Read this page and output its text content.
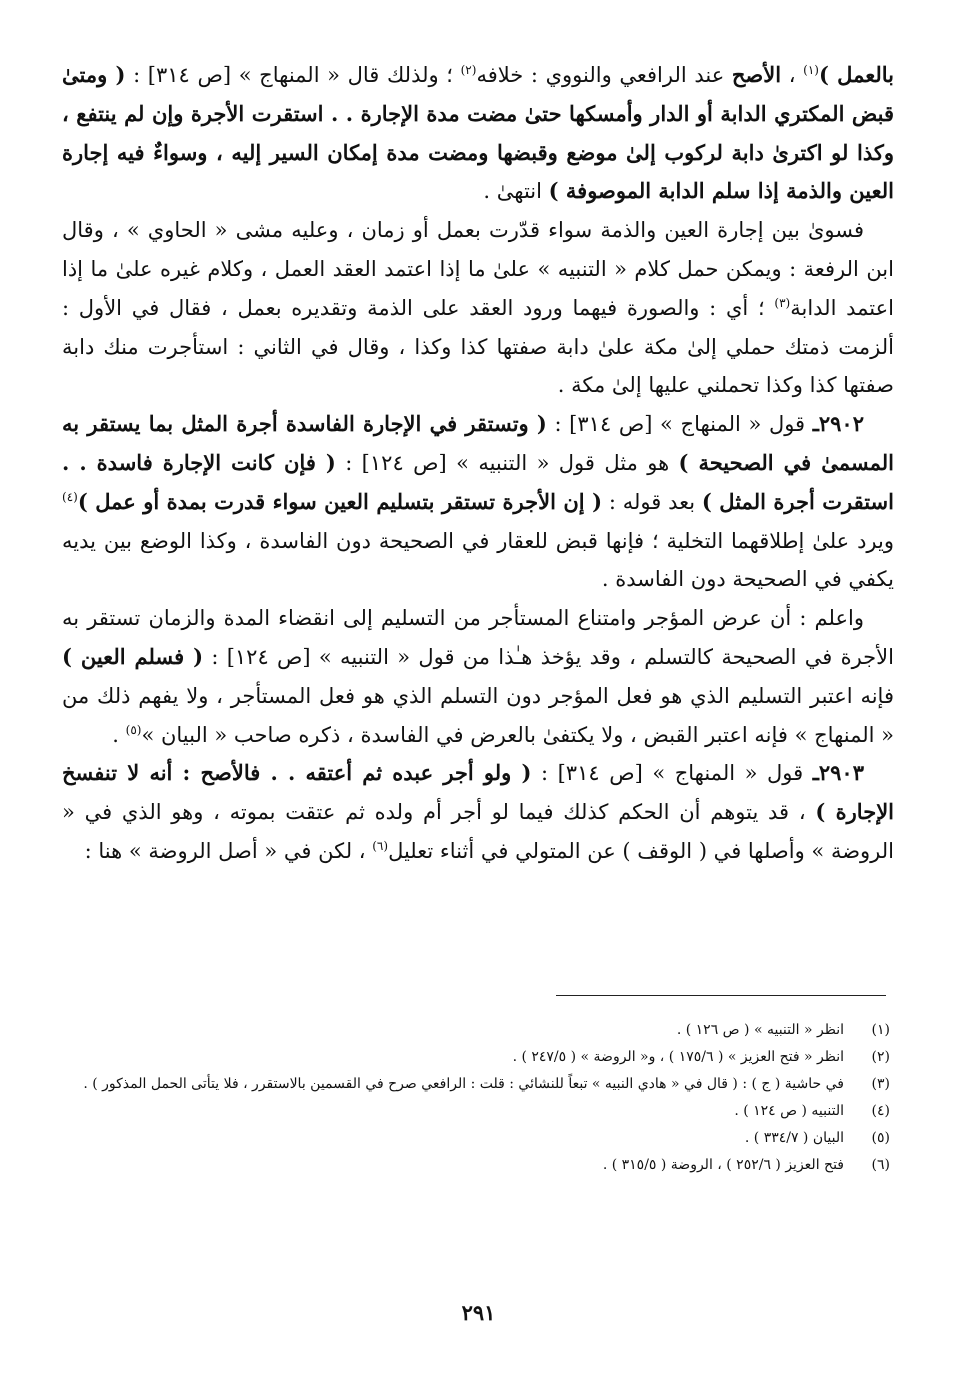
بالعمل )$^{(١)}$ ، الأصح عند الرافعي والنووي : خلافه$^{(٢)}$ ؛ ولذلك قال « المنهاج » [ص ٣١٤] : ( ومتىٰ قبض المكتري الدابة أو الدار وأمسكها حتىٰ مضت مدة الإجارة . . استقرت الأجرة وإن لم ينتفع ، وكذا لو اكترىٰ دابة لركوب إلىٰ موضع وقبضها ومضت مدة إمكان السير إليه ، وسواءٌ فيه إجارة العين والذمة إذا سلم الدابة الموصوفة ) انتهىٰ .

فسوىٰ بين إجارة العين والذمة سواء قدّرت بعمل أو زمان ، وعليه مشى « الحاوي » ، وقال ابن الرفعة : ويمكن حمل كلام « التنبيه » علىٰ ما إذا اعتمد العقد العمل ، وكلام غيره علىٰ ما إذا اعتمد الدابة$^{(٣)}$ ؛ أي : والصورة فيهما ورود العقد على الذمة وتقديره بعمل ، فقال في الأول : ألزمت ذمتك حملي إلىٰ مكة علىٰ دابة صفتها كذا وكذا ، وقال في الثاني : استأجرت منك دابة صفتها كذا وكذا تحملني عليها إلىٰ مكة .

٢٩٠٢ـ قول « المنهاج » [ص ٣١٤] : ( وتستقر في الإجارة الفاسدة أجرة المثل بما يستقر به المسمىٰ في الصحيحة ) هو مثل قول « التنبيه » [ص ١٢٤] : ( فإن كانت الإجارة فاسدة . . استقرت أجرة المثل ) بعد قوله : ( إن الأجرة تستقر بتسليم العين سواء قدرت بمدة أو عمل )$^{(٤)}$ ويرد علىٰ إطلاقهما التخلية ؛ فإنها قبض للعقار في الصحيحة دون الفاسدة ، وكذا الوضع بين يديه يكفي في الصحيحة دون الفاسدة .

واعلم : أن عرض المؤجر وامتناع المستأجر من التسليم إلى انقضاء المدة والزمان تستقر به الأجرة في الصحيحة كالتسلم ، وقد يؤخذ هـٰذا من قول « التنبيه » [ص ١٢٤] : ( فسلم العين ) فإنه اعتبر التسليم الذي هو فعل المؤجر دون التسلم الذي هو فعل المستأجر ، ولا يفهم ذلك من « المنهاج » فإنه اعتبر القبض ، ولا يكتفىٰ بالعرض في الفاسدة ، ذكره صاحب « البيان »$^{(٥)}$ .

٢٩٠٣ـ قول « المنهاج » [ص ٣١٤] : ( ولو أجر عبده ثم أعتقه . . فالأصح : أنه لا تنفسخ الإجارة ) ، قد يتوهم أن الحكم كذلك فيما لو أجر أم ولده ثم عتقت بموته ، وهو الذي في « الروضة » وأصلها في ( الوقف ) عن المتولي في أثناء تعليل$^{(٦)}$ ، لكن في « أصل الروضة » هنا :

(١)
انظر « التنبيه » ( ص ١٢٦ ) .
(٢)
انظر « فتح العزيز » ( ١٧٥/٦ ) ، و« الروضة » ( ٢٤٧/٥ ) .
(٣)
في حاشية ( ج ) : ( قال في « هادي النبيه » تبعاً للنشائي : قلت : الرافعي صرح في القسمين بالاستقرر ، فلا يتأتى الحمل المذكور ) .
(٤)
التنبيه ( ص ١٢٤ ) .
(٥)
البيان ( ٣٣٤/٧ ) .
(٦)
فتح العزيز ( ٢٥٢/٦ ) ، الروضة ( ٣١٥/٥ ) .
٢٩١
